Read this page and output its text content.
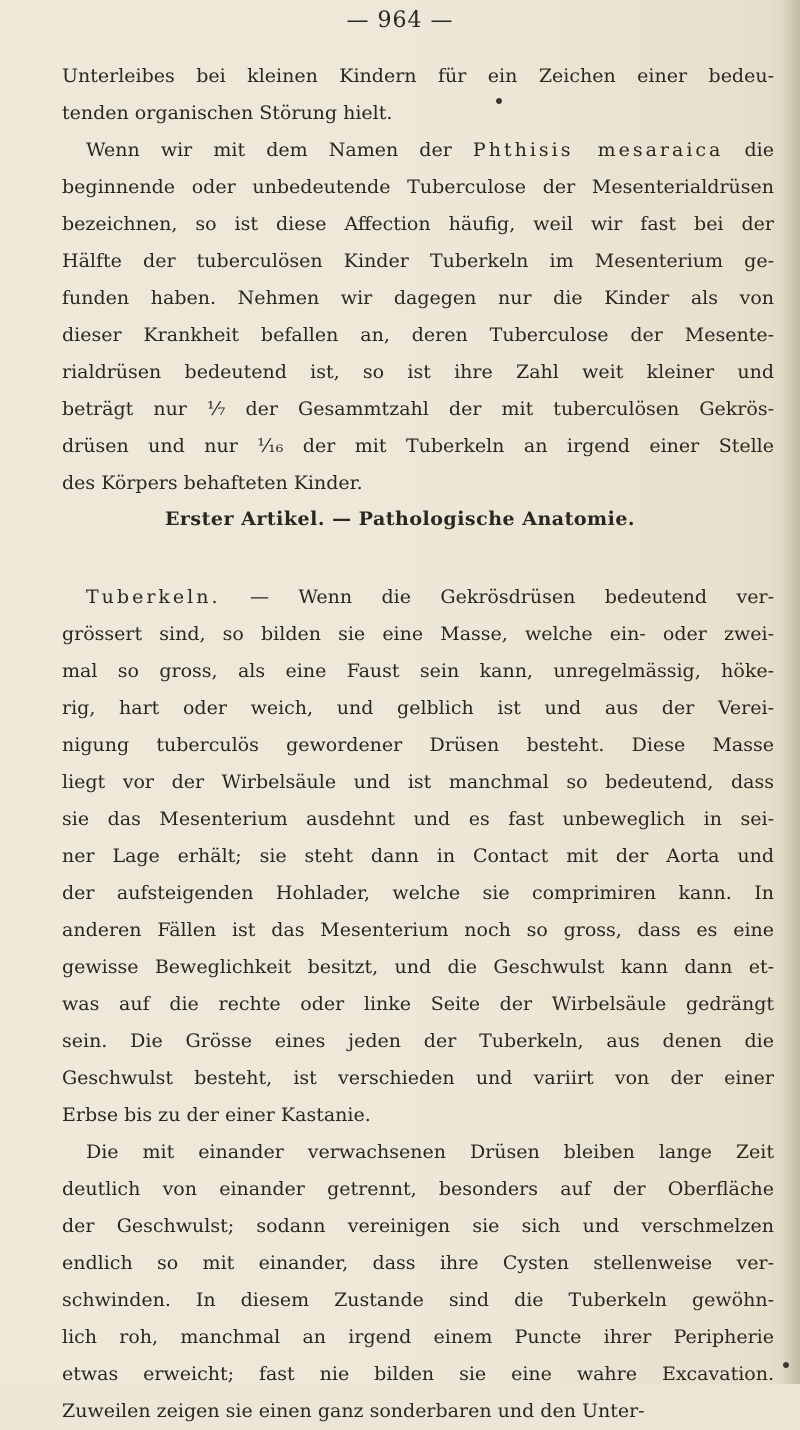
— 964 —
Unterleibes bei kleinen Kindern für ein Zeichen einer bedeu-
tenden organischen Störung hielt.
Wenn wir mit dem Namen der Phthisis mesaraica die
beginnende oder unbedeutende Tuberculose der Mesenterialdrüsen
bezeichnen, so ist diese Affection häufig, weil wir fast bei der
Hälfte der tuberculösen Kinder Tuberkeln im Mesenterium ge-
funden haben. Nehmen wir dagegen nur die Kinder als von
dieser Krankheit befallen an, deren Tuberculose der Mesente-
rialdrüsen bedeutend ist, so ist ihre Zahl weit kleiner und
beträgt nur ¹⁄₇ der Gesammtzahl der mit tuberculösen Gekrös-
drüsen und nur ¹⁄₁₆ der mit Tuberkeln an irgend einer Stelle
des Körpers behafteten Kinder.
Erster Artikel. — Pathologische Anatomie.
Tuberkeln. — Wenn die Gekrösdrüsen bedeutend ver-
grössert sind, so bilden sie eine Masse, welche ein- oder zwei-
mal so gross, als eine Faust sein kann, unregelmässig, höke-
rig, hart oder weich, und gelblich ist und aus der Verei-
nigung tuberculös gewordener Drüsen besteht. Diese Masse
liegt vor der Wirbelsäule und ist manchmal so bedeutend, dass
sie das Mesenterium ausdehnt und es fast unbeweglich in sei-
ner Lage erhält; sie steht dann in Contact mit der Aorta und
der aufsteigenden Hohlader, welche sie comprimiren kann. In
anderen Fällen ist das Mesenterium noch so gross, dass es eine
gewisse Beweglichkeit besitzt, und die Geschwulst kann dann et-
was auf die rechte oder linke Seite der Wirbelsäule gedrängt
sein. Die Grösse eines jeden der Tuberkeln, aus denen die
Geschwulst besteht, ist verschieden und variirt von der einer
Erbse bis zu der einer Kastanie.
Die mit einander verwachsenen Drüsen bleiben lange Zeit
deutlich von einander getrennt, besonders auf der Oberfläche
der Geschwulst; sodann vereinigen sie sich und verschmelzen
endlich so mit einander, dass ihre Cysten stellenweise ver-
schwinden. In diesem Zustande sind die Tuberkeln gewöhn-
lich roh, manchmal an irgend einem Puncte ihrer Peripherie
etwas erweicht; fast nie bilden sie eine wahre Excavation.
Zuweilen zeigen sie einen ganz sonderbaren und den Unter-
